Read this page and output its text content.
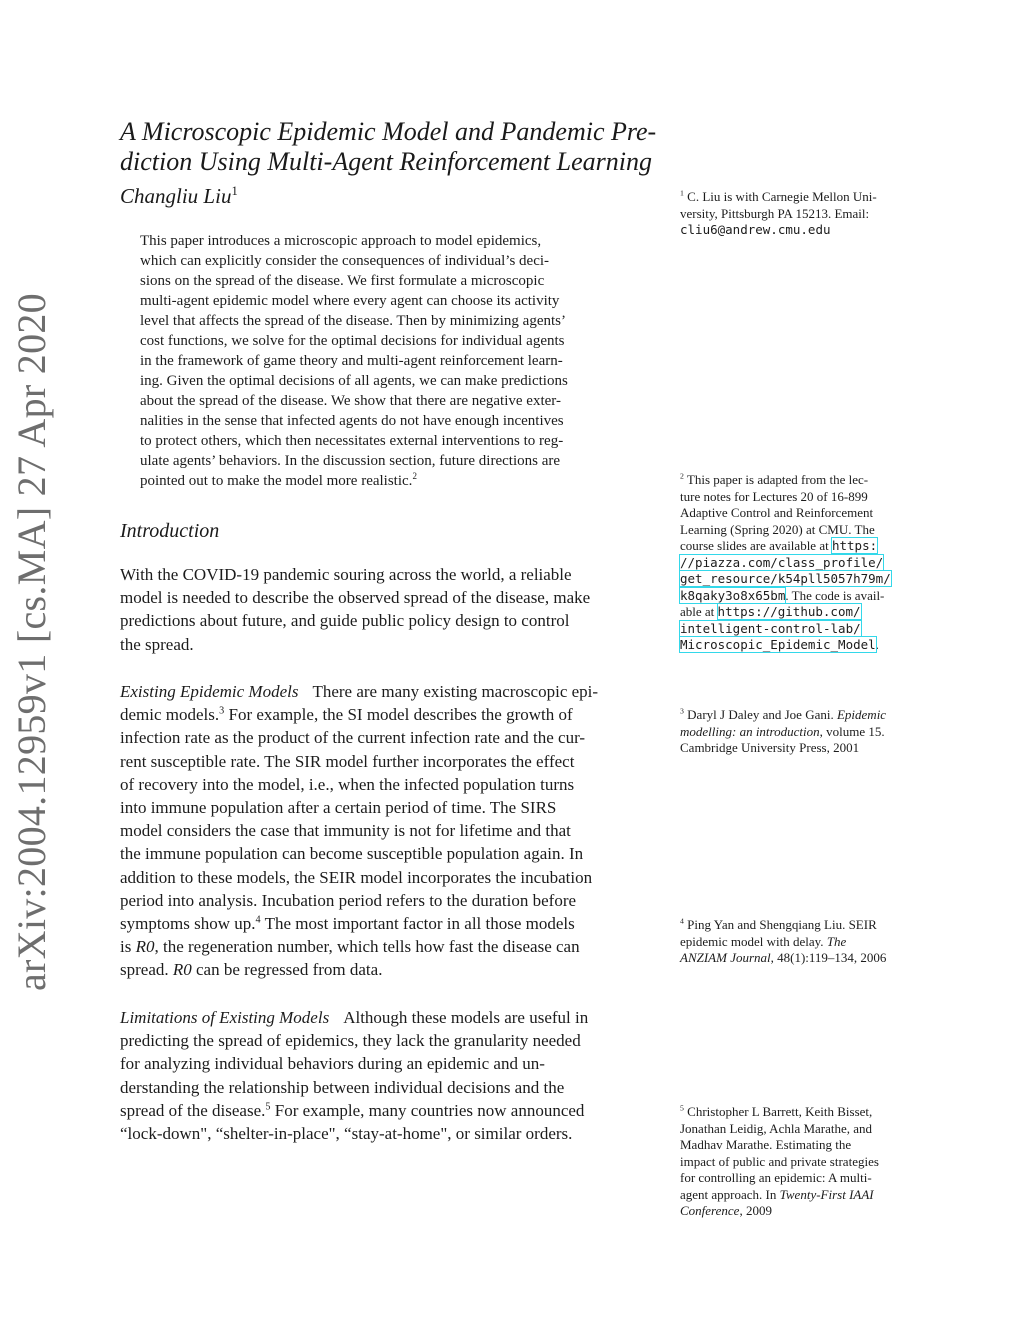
arXiv:2004.12959v1 [cs.MA] 27 Apr 2020
A Microscopic Epidemic Model and Pandemic Pre-
diction Using Multi-Agent Reinforcement Learning
Changliu Liu$^1$
This paper introduces a microscopic approach to model epidemics,
which can explicitly consider the consequences of individual’s deci-
sions on the spread of the disease. We first formulate a microscopic
multi-agent epidemic model where every agent can choose its activity
level that affects the spread of the disease. Then by minimizing agents’
cost functions, we solve for the optimal decisions for individual agents
in the framework of game theory and multi-agent reinforcement learn-
ing. Given the optimal decisions of all agents, we can make predictions
about the spread of the disease. We show that there are negative exter-
nalities in the sense that infected agents do not have enough incentives
to protect others, which then necessitates external interventions to reg-
ulate agents’ behaviors. In the discussion section, future directions are
pointed out to make the model more realistic.$^2$
Introduction
With the COVID-19 pandemic souring across the world, a reliable
model is needed to describe the observed spread of the disease, make
predictions about future, and guide public policy design to control
the spread.
Existing Epidemic Models There are many existing macroscopic epi-
demic models.$^3$ For example, the SI model describes the growth of
infection rate as the product of the current infection rate and the cur-
rent susceptible rate. The SIR model further incorporates the effect
of recovery into the model, i.e., when the infected population turns
into immune population after a certain period of time. The SIRS
model considers the case that immunity is not for lifetime and that
the immune population can become susceptible population again. In
addition to these models, the SEIR model incorporates the incubation
period into analysis. Incubation period refers to the duration before
symptoms show up.$^4$ The most important factor in all those models
is R0, the regeneration number, which tells how fast the disease can
spread. R0 can be regressed from data.
Limitations of Existing Models Although these models are useful in
predicting the spread of epidemics, they lack the granularity needed
for analyzing individual behaviors during an epidemic and un-
derstanding the relationship between individual decisions and the
spread of the disease.$^5$ For example, many countries now announced
“lock-down", “shelter-in-place", “stay-at-home", or similar orders.
$^1$ C. Liu is with Carnegie Mellon Uni-
versity, Pittsburgh PA 15213. Email:
cliu6@andrew.cmu.edu
$^2$ This paper is adapted from the lec-
ture notes for Lectures 20 of 16-899
Adaptive Control and Reinforcement
Learning (Spring 2020) at CMU. The
course slides are available at https:
//piazza.com/class_profile/
get_resource/k54pll5057h79m/
k8qaky3o8x65bm. The code is avail-
able at https://github.com/
intelligent-control-lab/
Microscopic_Epidemic_Model.
$^3$ Daryl J Daley and Joe Gani. Epidemic
modelling: an introduction, volume 15.
Cambridge University Press, 2001
$^4$ Ping Yan and Shengqiang Liu. SEIR
epidemic model with delay. The
ANZIAM Journal, 48(1):119–134, 2006
$^5$ Christopher L Barrett, Keith Bisset,
Jonathan Leidig, Achla Marathe, and
Madhav Marathe. Estimating the
impact of public and private strategies
for controlling an epidemic: A multi-
agent approach. In Twenty-First IAAI
Conference, 2009
